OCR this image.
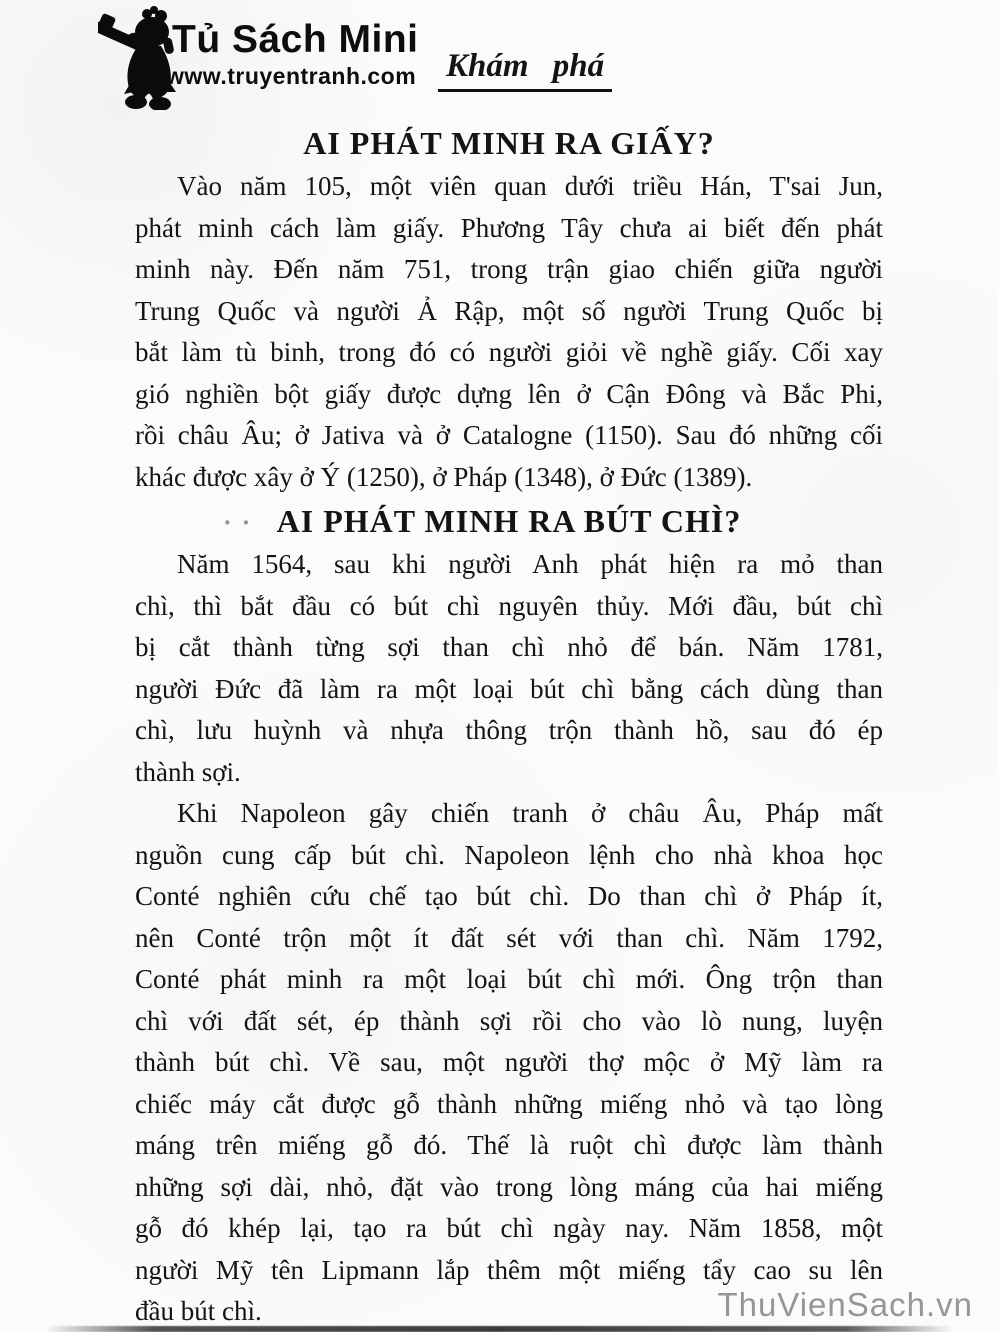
Tủ Sách Mini
www.truyentranh.com Khám phá
AI PHÁT MINH RA GIẤY?
Vào năm 105, một viên quan dưới triều Hán, T'sai Jun,
phát minh cách làm giấy. Phương Tây chưa ai biết đến phát
minh này. Đến năm 751, trong trận giao chiến giữa người
Trung Quốc và người Ả Rập, một số người Trung Quốc bị
bắt làm tù binh, trong đó có người giỏi về nghề giấy. Cối xay
gió nghiền bột giấy được dựng lên ở Cận Đông và Bắc Phi,
rồi châu Âu; ở Jativa và ở Catalogne (1150). Sau đó những cối
khác được xây ở Ý (1250), ở Pháp (1348), ở Đức (1389).
·· AI PHÁT MINH RA BÚT CHÌ?
Năm 1564, sau khi người Anh phát hiện ra mỏ than
chì, thì bắt đầu có bút chì nguyên thủy. Mới đầu, bút chì
bị cắt thành từng sợi than chì nhỏ để bán. Năm 1781,
người Đức đã làm ra một loại bút chì bằng cách dùng than
chì, lưu huỳnh và nhựa thông trộn thành hồ, sau đó ép
thành sợi.
Khi Napoleon gây chiến tranh ở châu Âu, Pháp mất
nguồn cung cấp bút chì. Napoleon lệnh cho nhà khoa học
Conté nghiên cứu chế tạo bút chì. Do than chì ở Pháp ít,
nên Conté trộn một ít đất sét với than chì. Năm 1792,
Conté phát minh ra một loại bút chì mới. Ông trộn than
chì với đất sét, ép thành sợi rồi cho vào lò nung, luyện
thành bút chì. Về sau, một người thợ mộc ở Mỹ làm ra
chiếc máy cắt được gỗ thành những miếng nhỏ và tạo lòng
máng trên miếng gỗ đó. Thế là ruột chì được làm thành
những sợi dài, nhỏ, đặt vào trong lòng máng của hai miếng
gỗ đó khép lại, tạo ra bút chì ngày nay. Năm 1858, một
người Mỹ tên Lipmann lắp thêm một miếng tẩy cao su lên
đầu bút chì.	ThuVienSach.vn
